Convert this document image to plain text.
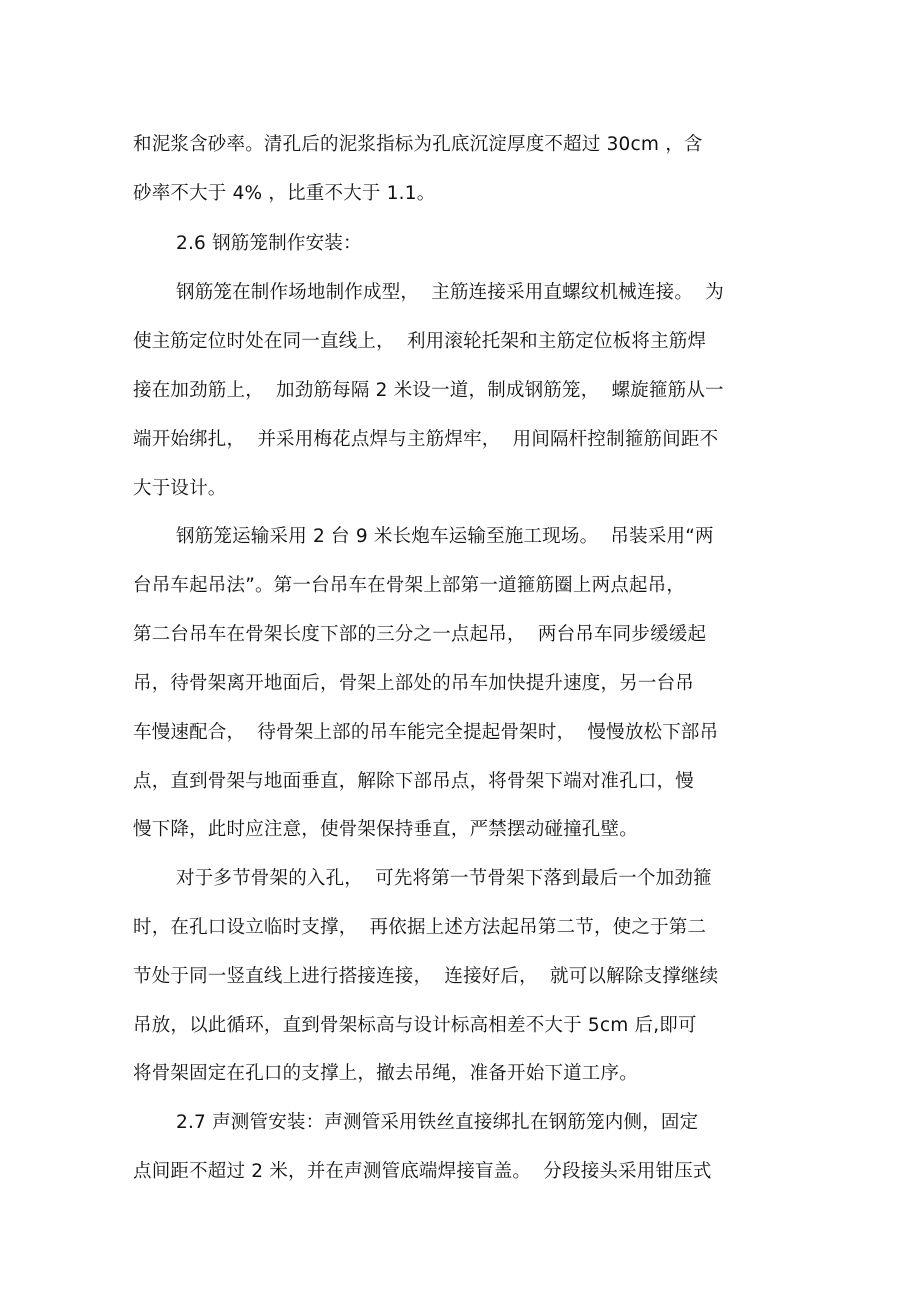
和泥浆含砂率。清孔后的泥浆指标为孔底沉淀厚度不超过 30cm ，含
砂率不大于 4% ，比重不大于 1.1。
2.6 钢筋笼制作安装：
钢筋笼在制作场地制作成型，  主筋连接采用直螺纹机械连接。  为
使主筋定位时处在同一直线上，  利用滚轮托架和主筋定位板将主筋焊
接在加劲筋上，  加劲筋每隔 2 米设一道，制成钢筋笼，  螺旋箍筋从一
端开始绑扎，  并采用梅花点焊与主筋焊牢，  用间隔杆控制箍筋间距不
大于设计。
钢筋笼运输采用 2 台 9 米长炮车运输至施工现场。  吊装采用“两
台吊车起吊法”。第一台吊车在骨架上部第一道箍筋圈上两点起吊，
第二台吊车在骨架长度下部的三分之一点起吊，  两台吊车同步缓缓起
吊，待骨架离开地面后，骨架上部处的吊车加快提升速度，另一台吊
车慢速配合，  待骨架上部的吊车能完全提起骨架时，  慢慢放松下部吊
点，直到骨架与地面垂直，解除下部吊点，将骨架下端对准孔口，慢
慢下降，此时应注意，使骨架保持垂直，严禁摆动碰撞孔壁。
对于多节骨架的入孔，  可先将第一节骨架下落到最后一个加劲箍
时，在孔口设立临时支撑，  再依据上述方法起吊第二节，使之于第二
节处于同一竖直线上进行搭接连接，  连接好后，  就可以解除支撑继续
吊放，以此循环，直到骨架标高与设计标高相差不大于 5cm 后,即可
将骨架固定在孔口的支撑上，撤去吊绳，准备开始下道工序。
2.7 声测管安装：声测管采用铁丝直接绑扎在钢筋笼内侧，固定
点间距不超过 2 米，并在声测管底端焊接盲盖。  分段接头采用钳压式
